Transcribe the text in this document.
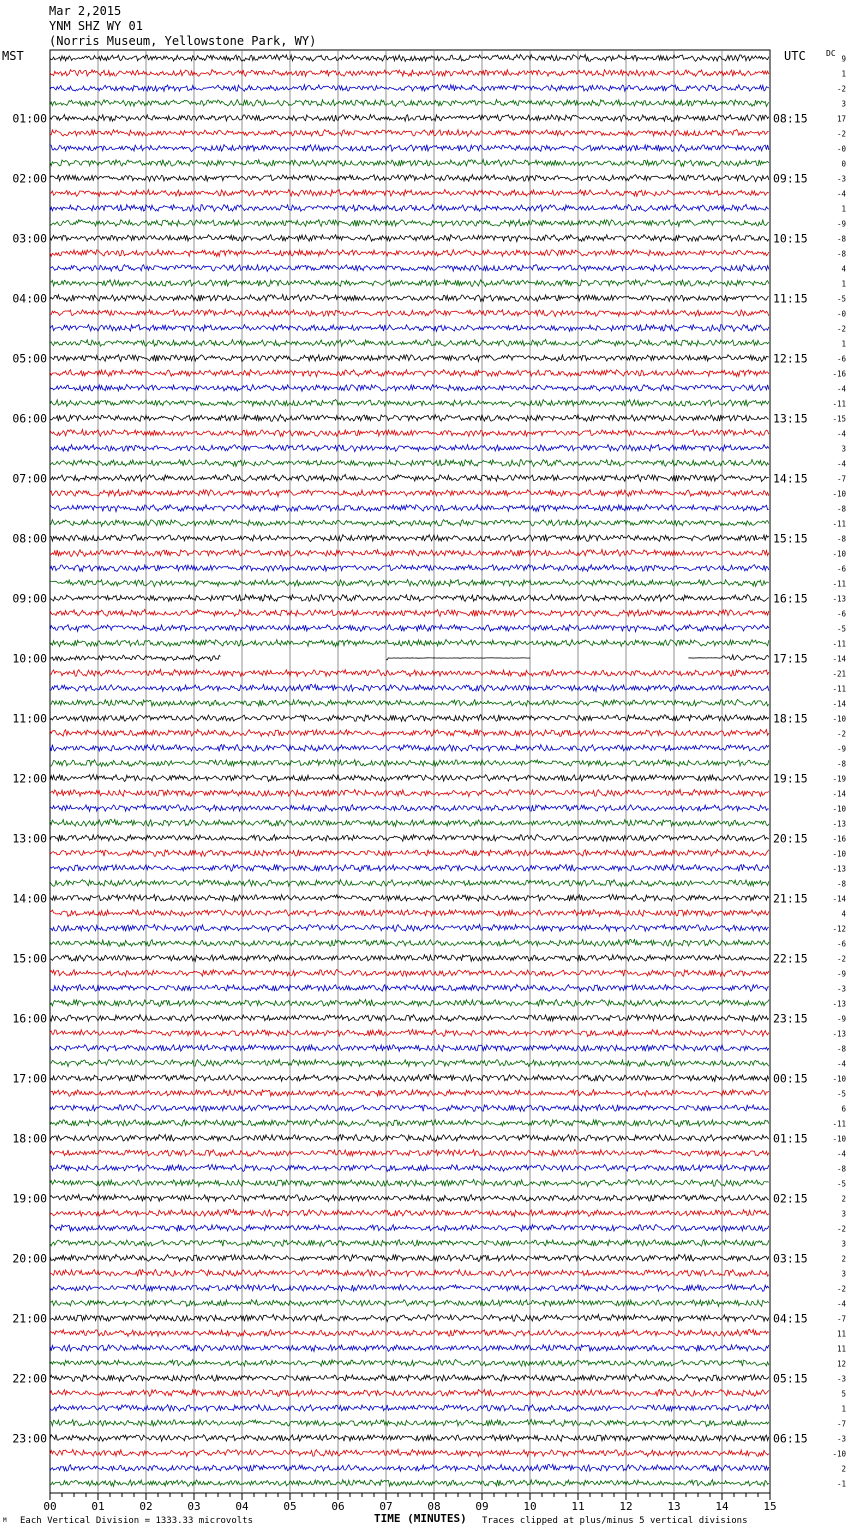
Mar 2,2015
YNM SHZ WY 01
(Norris Museum, Yellowstone Park, WY)
MST	UTC	DC
9
1
-2
3
17
-2
-0
0
-3
-4
1
-9
-8
-8
4
1
-5
-0
-2
1
-6
-16
-4
-11
-15
-4
3
-4
-7
-10
-8
-11
-8
-10
-6
-11
-13
-6
-5
-11
-14
-21
-11
-14
-10
-2
-9
-8
-19
-14
-10
-13
-16
-10
-13
-8
-14
4
-12
-6
-2
-9
-3
-13
-9
-13
-8
-4
-10
-5
6
-11
-10
-4
-8
-5
2
3
-2
3
2
3
-2
-4
-7
11
11
12
-3
5
1
-7
-3
-10
2
-1
01:00	08:15
02:00	09:15
03:00	10:15
04:00	11:15
05:00	12:15
06:00	13:15
07:00	14:15
08:00	15:15
09:00	16:15
10:00	17:15
11:00	18:15
12:00	19:15
13:00	20:15
14:00	21:15
15:00	22:15
16:00	23:15
17:00	00:15
18:00	01:15
19:00	02:15
20:00	03:15
21:00	04:15
22:00	05:15
23:00	06:15
00	01	02	03	04	05	06	07	08	09	10	11	12	13	14	15
TIME (MINUTES)
M Each Vertical Division = 1333.33 microvolts	Traces clipped at plus/minus 5 vertical divisions
